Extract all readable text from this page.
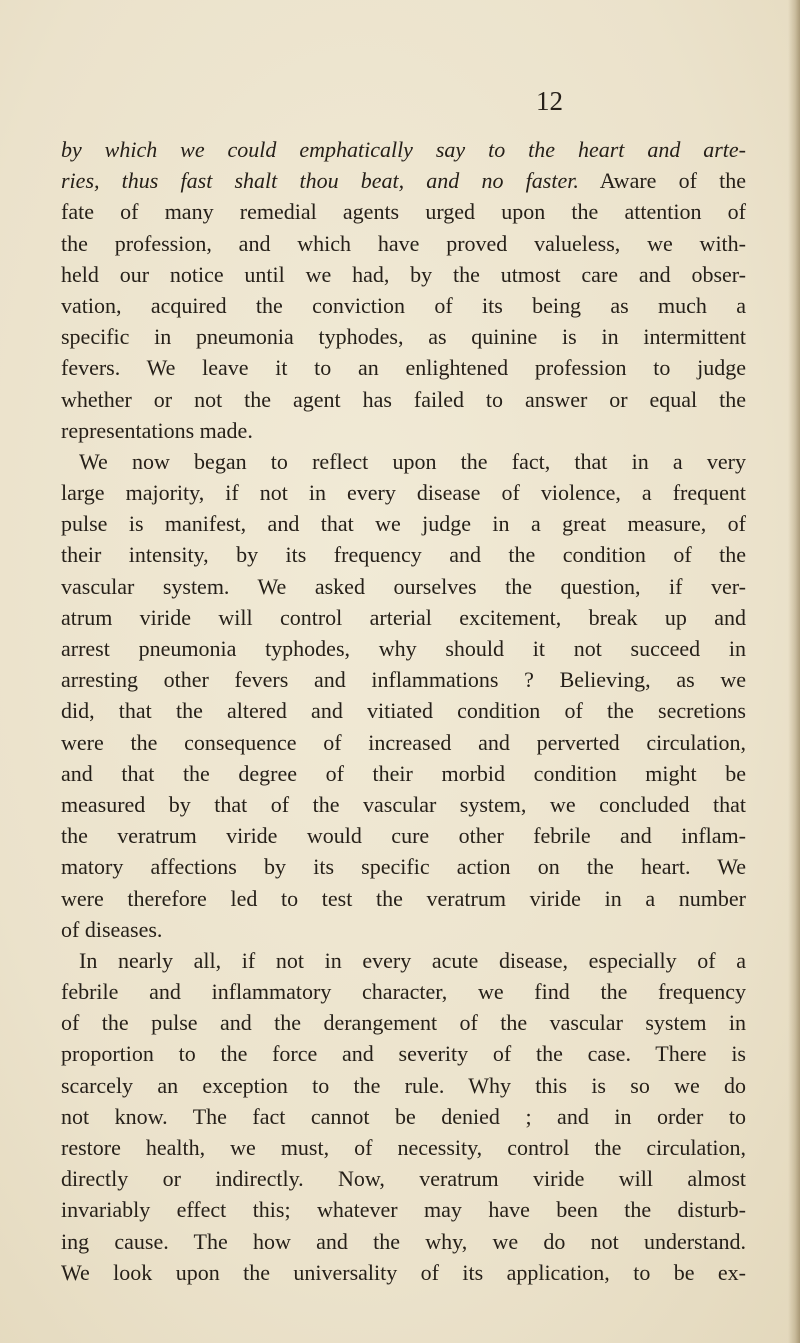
12
by which we could emphatically say to the heart and arte-
ries, thus fast shalt thou beat, and no faster. Aware of the
fate of many remedial agents urged upon the attention of
the profession, and which have proved valueless, we with-
held our notice until we had, by the utmost care and obser-
vation, acquired the conviction of its being as much a
specific in pneumonia typhodes, as quinine is in intermittent
fevers. We leave it to an enlightened profession to judge
whether or not the agent has failed to answer or equal the
representations made.
We now began to reflect upon the fact, that in a very
large majority, if not in every disease of violence, a frequent
pulse is manifest, and that we judge in a great measure, of
their intensity, by its frequency and the condition of the
vascular system. We asked ourselves the question, if ver-
atrum viride will control arterial excitement, break up and
arrest pneumonia typhodes, why should it not succeed in
arresting other fevers and inflammations ? Believing, as we
did, that the altered and vitiated condition of the secretions
were the consequence of increased and perverted circulation,
and that the degree of their morbid condition might be
measured by that of the vascular system, we concluded that
the veratrum viride would cure other febrile and inflam-
matory affections by its specific action on the heart. We
were therefore led to test the veratrum viride in a number
of diseases.
In nearly all, if not in every acute disease, especially of a
febrile and inflammatory character, we find the frequency
of the pulse and the derangement of the vascular system in
proportion to the force and severity of the case. There is
scarcely an exception to the rule. Why this is so we do
not know. The fact cannot be denied ; and in order to
restore health, we must, of necessity, control the circulation,
directly or indirectly. Now, veratrum viride will almost
invariably effect this; whatever may have been the disturb-
ing cause. The how and the why, we do not understand.
We look upon the universality of its application, to be ex-
